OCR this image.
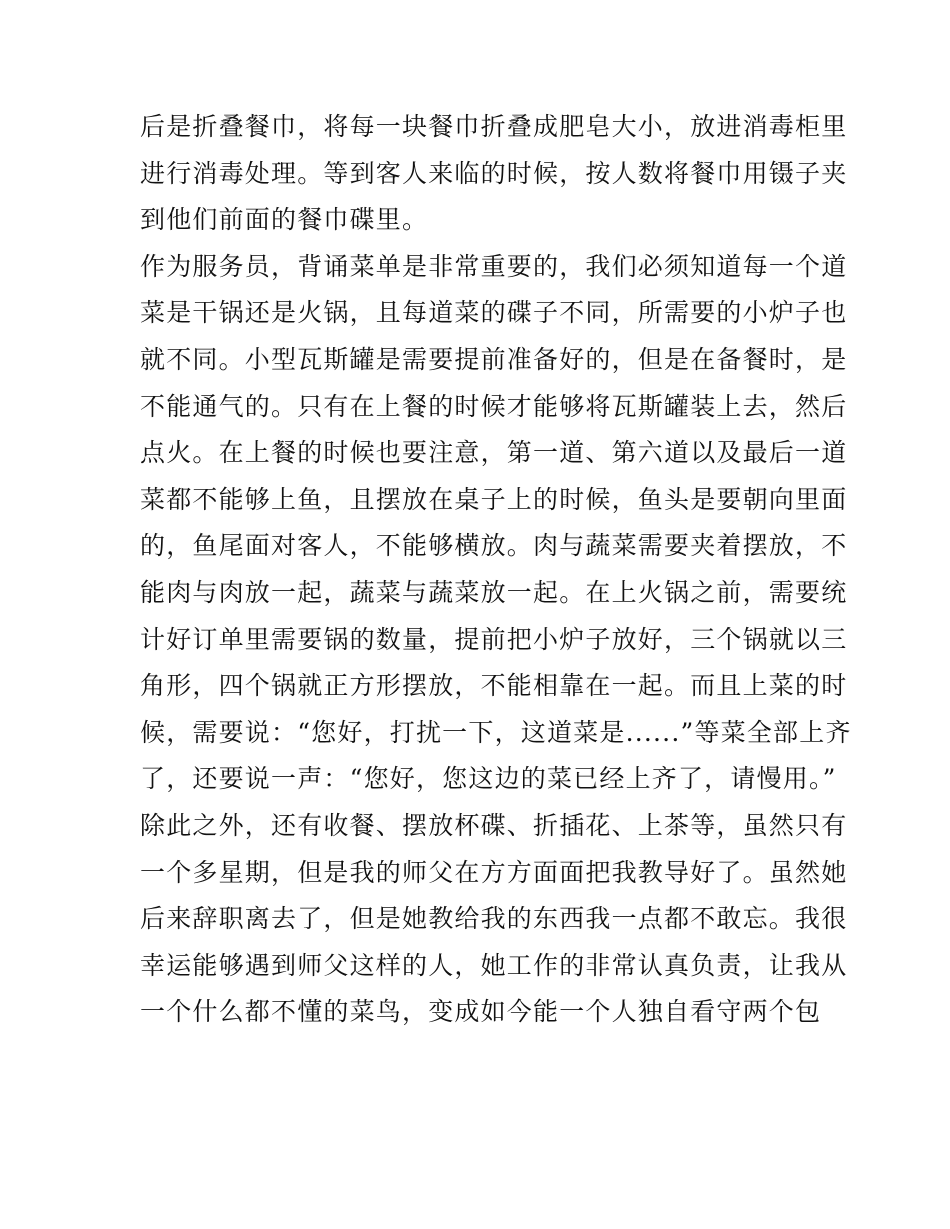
后是折叠餐巾，将每一块餐巾折叠成肥皂大小，放进消毒柜里
进行消毒处理。等到客人来临的时候，按人数将餐巾用镊子夹
到他们前面的餐巾碟里。
作为服务员，背诵菜单是非常重要的，我们必须知道每一个道
菜是干锅还是火锅，且每道菜的碟子不同，所需要的小炉子也
就不同。小型瓦斯罐是需要提前准备好的，但是在备餐时，是
不能通气的。只有在上餐的时候才能够将瓦斯罐装上去，然后
点火。在上餐的时候也要注意，第一道、第六道以及最后一道
菜都不能够上鱼，且摆放在桌子上的时候，鱼头是要朝向里面
的，鱼尾面对客人，不能够横放。肉与蔬菜需要夹着摆放，不
能肉与肉放一起，蔬菜与蔬菜放一起。在上火锅之前，需要统
计好订单里需要锅的数量，提前把小炉子放好，三个锅就以三
角形，四个锅就正方形摆放，不能相靠在一起。而且上菜的时
候，需要说：“您好，打扰一下，这道菜是......”等菜全部上齐
了，还要说一声：“您好，您这边的菜已经上齐了，请慢用。”
除此之外，还有收餐、摆放杯碟、折插花、上茶等，虽然只有
一个多星期，但是我的师父在方方面面把我教导好了。虽然她
后来辞职离去了，但是她教给我的东西我一点都不敢忘。我很
幸运能够遇到师父这样的人，她工作的非常认真负责，让我从
一个什么都不懂的菜鸟，变成如今能一个人独自看守两个包
